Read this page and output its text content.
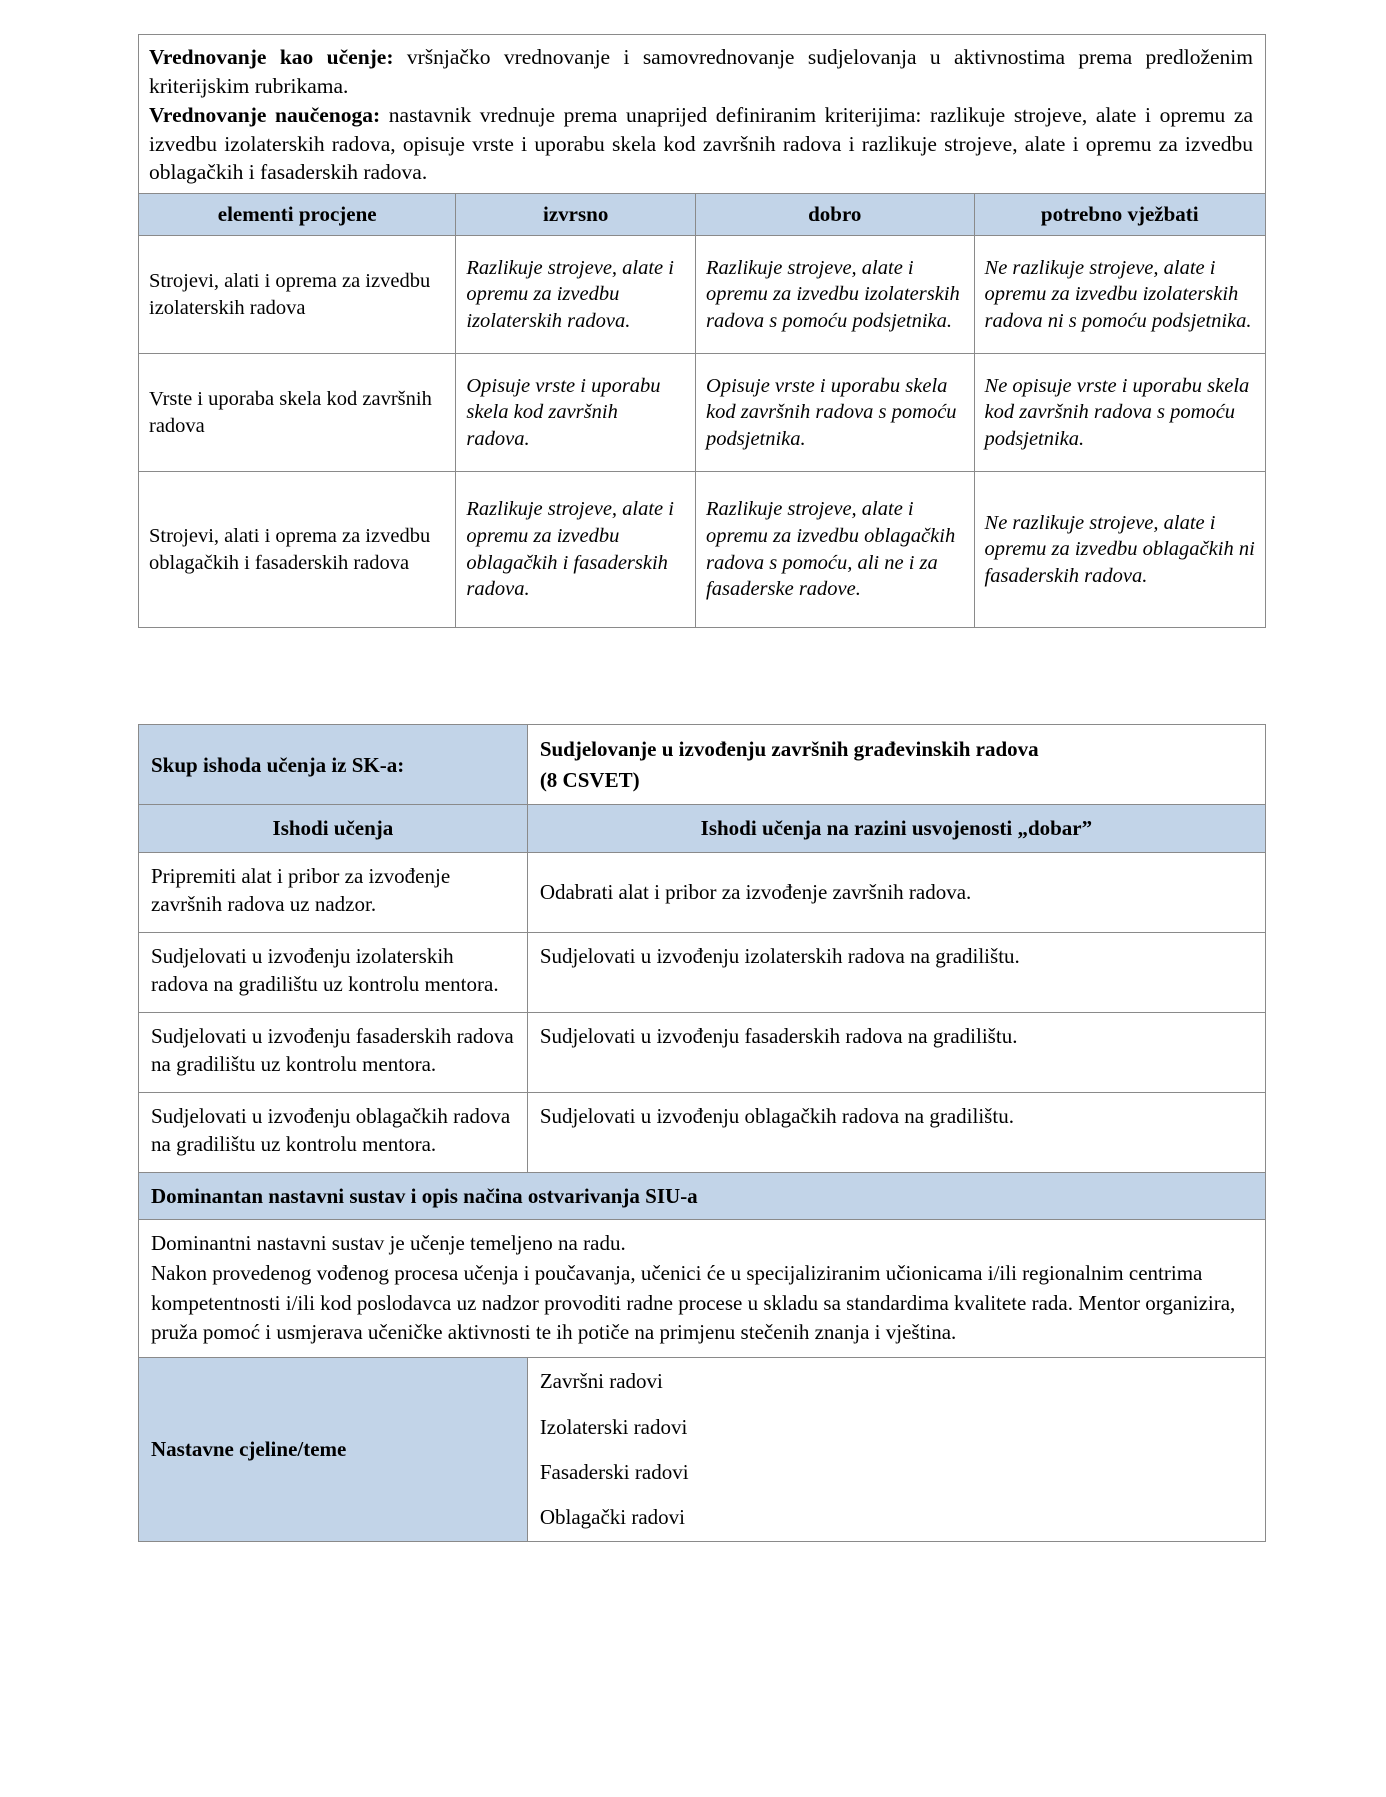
Vrednovanje kao učenje: vršnjačko vrednovanje i samovrednovanje sudjelovanja u aktivnostima prema predloženim kriterijskim rubrikama.

Vrednovanje naučenoga: nastavnik vrednuje prema unaprijed definiranim kriterijima: razlikuje strojeve, alate i opremu za izvedbu izolaterskih radova, opisuje vrste i uporabu skela kod završnih radova i razlikuje strojeve, alate i opremu za izvedbu oblagačkih i fasaderskih radova.

elementi procjene	izvrsno	dobro	potrebno vježbati
Strojevi, alati i oprema za izvedbu izolaterskih radova	Razlikuje strojeve, alate i opremu za izvedbu izolaterskih radova.	Razlikuje strojeve, alate i opremu za izvedbu izolaterskih radova s pomoću podsjetnika.	Ne razlikuje strojeve, alate i opremu za izvedbu izolaterskih radova ni s pomoću podsjetnika.
Vrste i uporaba skela kod završnih radova	Opisuje vrste i uporabu skela kod završnih radova.	Opisuje vrste i uporabu skela kod završnih radova s pomoću podsjetnika.	Ne opisuje vrste i uporabu skela kod završnih radova s pomoću podsjetnika.
Strojevi, alati i oprema za izvedbu oblagačkih i fasaderskih radova	Razlikuje strojeve, alate i opremu za izvedbu oblagačkih i fasaderskih radova.	Razlikuje strojeve, alate i opremu za izvedbu oblagačkih radova s pomoću, ali ne i za fasaderske radove.	Ne razlikuje strojeve, alate i opremu za izvedbu oblagačkih ni fasaderskih radova.
Skup ishoda učenja iz SK-a:	Sudjelovanje u izvođenju završnih građevinskih radova
(8 CSVET)

Ishodi učenja	Ishodi učenja na razini usvojenosti „dobar”
Pripremiti alat i pribor za izvođenje završnih radova uz nadzor.	Odabrati alat i pribor za izvođenje završnih radova.
Sudjelovati u izvođenju izolaterskih radova na gradilištu uz kontrolu mentora.	Sudjelovati u izvođenju izolaterskih radova na gradilištu.
Sudjelovati u izvođenju fasaderskih radova na gradilištu uz kontrolu mentora.	Sudjelovati u izvođenju fasaderskih radova na gradilištu.
Sudjelovati u izvođenju oblagačkih radova na gradilištu uz kontrolu mentora.	Sudjelovati u izvođenju oblagačkih radova na gradilištu.
Dominantan nastavni sustav i opis načina ostvarivanja SIU-a	

Dominantni nastavni sustav je učenje temeljeno na radu.

Nakon provedenog vođenog procesa učenja i poučavanja, učenici će u specijaliziranim učionicama i/ili regionalnim centrima kompetentnosti i/ili kod poslodavca uz nadzor provoditi radne procese u skladu sa standardima kvalitete rada. Mentor organizira, pruža pomoć i usmjerava učeničke aktivnosti te ih potiče na primjenu stečenih znanja i vještina.	

Nastavne cjeline/teme	Završni radovi
Izolaterski radovi
Fasaderski radovi
Oblagački radovi
